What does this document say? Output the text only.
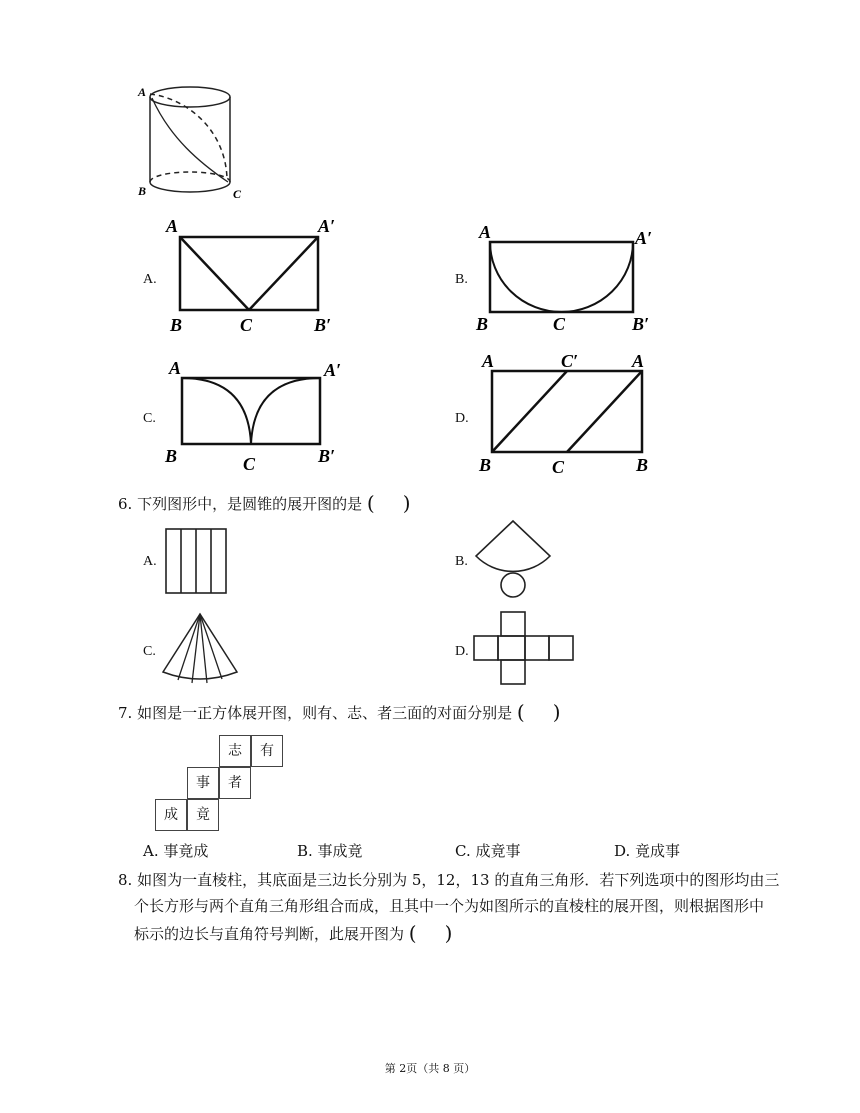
A
B	C
A.
A	A′
B	C	B′
B.
A	A′
B	C	B′
C.
A	A′
B	C	B′
D.
A	C′	A
B	C	B
6. 下列图形中，是圆锥的展开图的是 ( )
A.	B.
C.	D.
7. 如图是一正方体展开图，则有、志、者三面的对面分别是 ( )
志	有
事	者
成	竟
A. 事竟成	B. 事成竟	C. 成竟事	D. 竟成事
8. 如图为一直棱柱，其底面是三边长分别为 5，12，13 的直角三角形．若下列选项中的图形均由三
个长方形与两个直角三角形组合而成，且其中一个为如图所示的直棱柱的展开图，则根据图形中
标示的边长与直角符号判断，此展开图为 ( )
第 2页（共 8 页）
